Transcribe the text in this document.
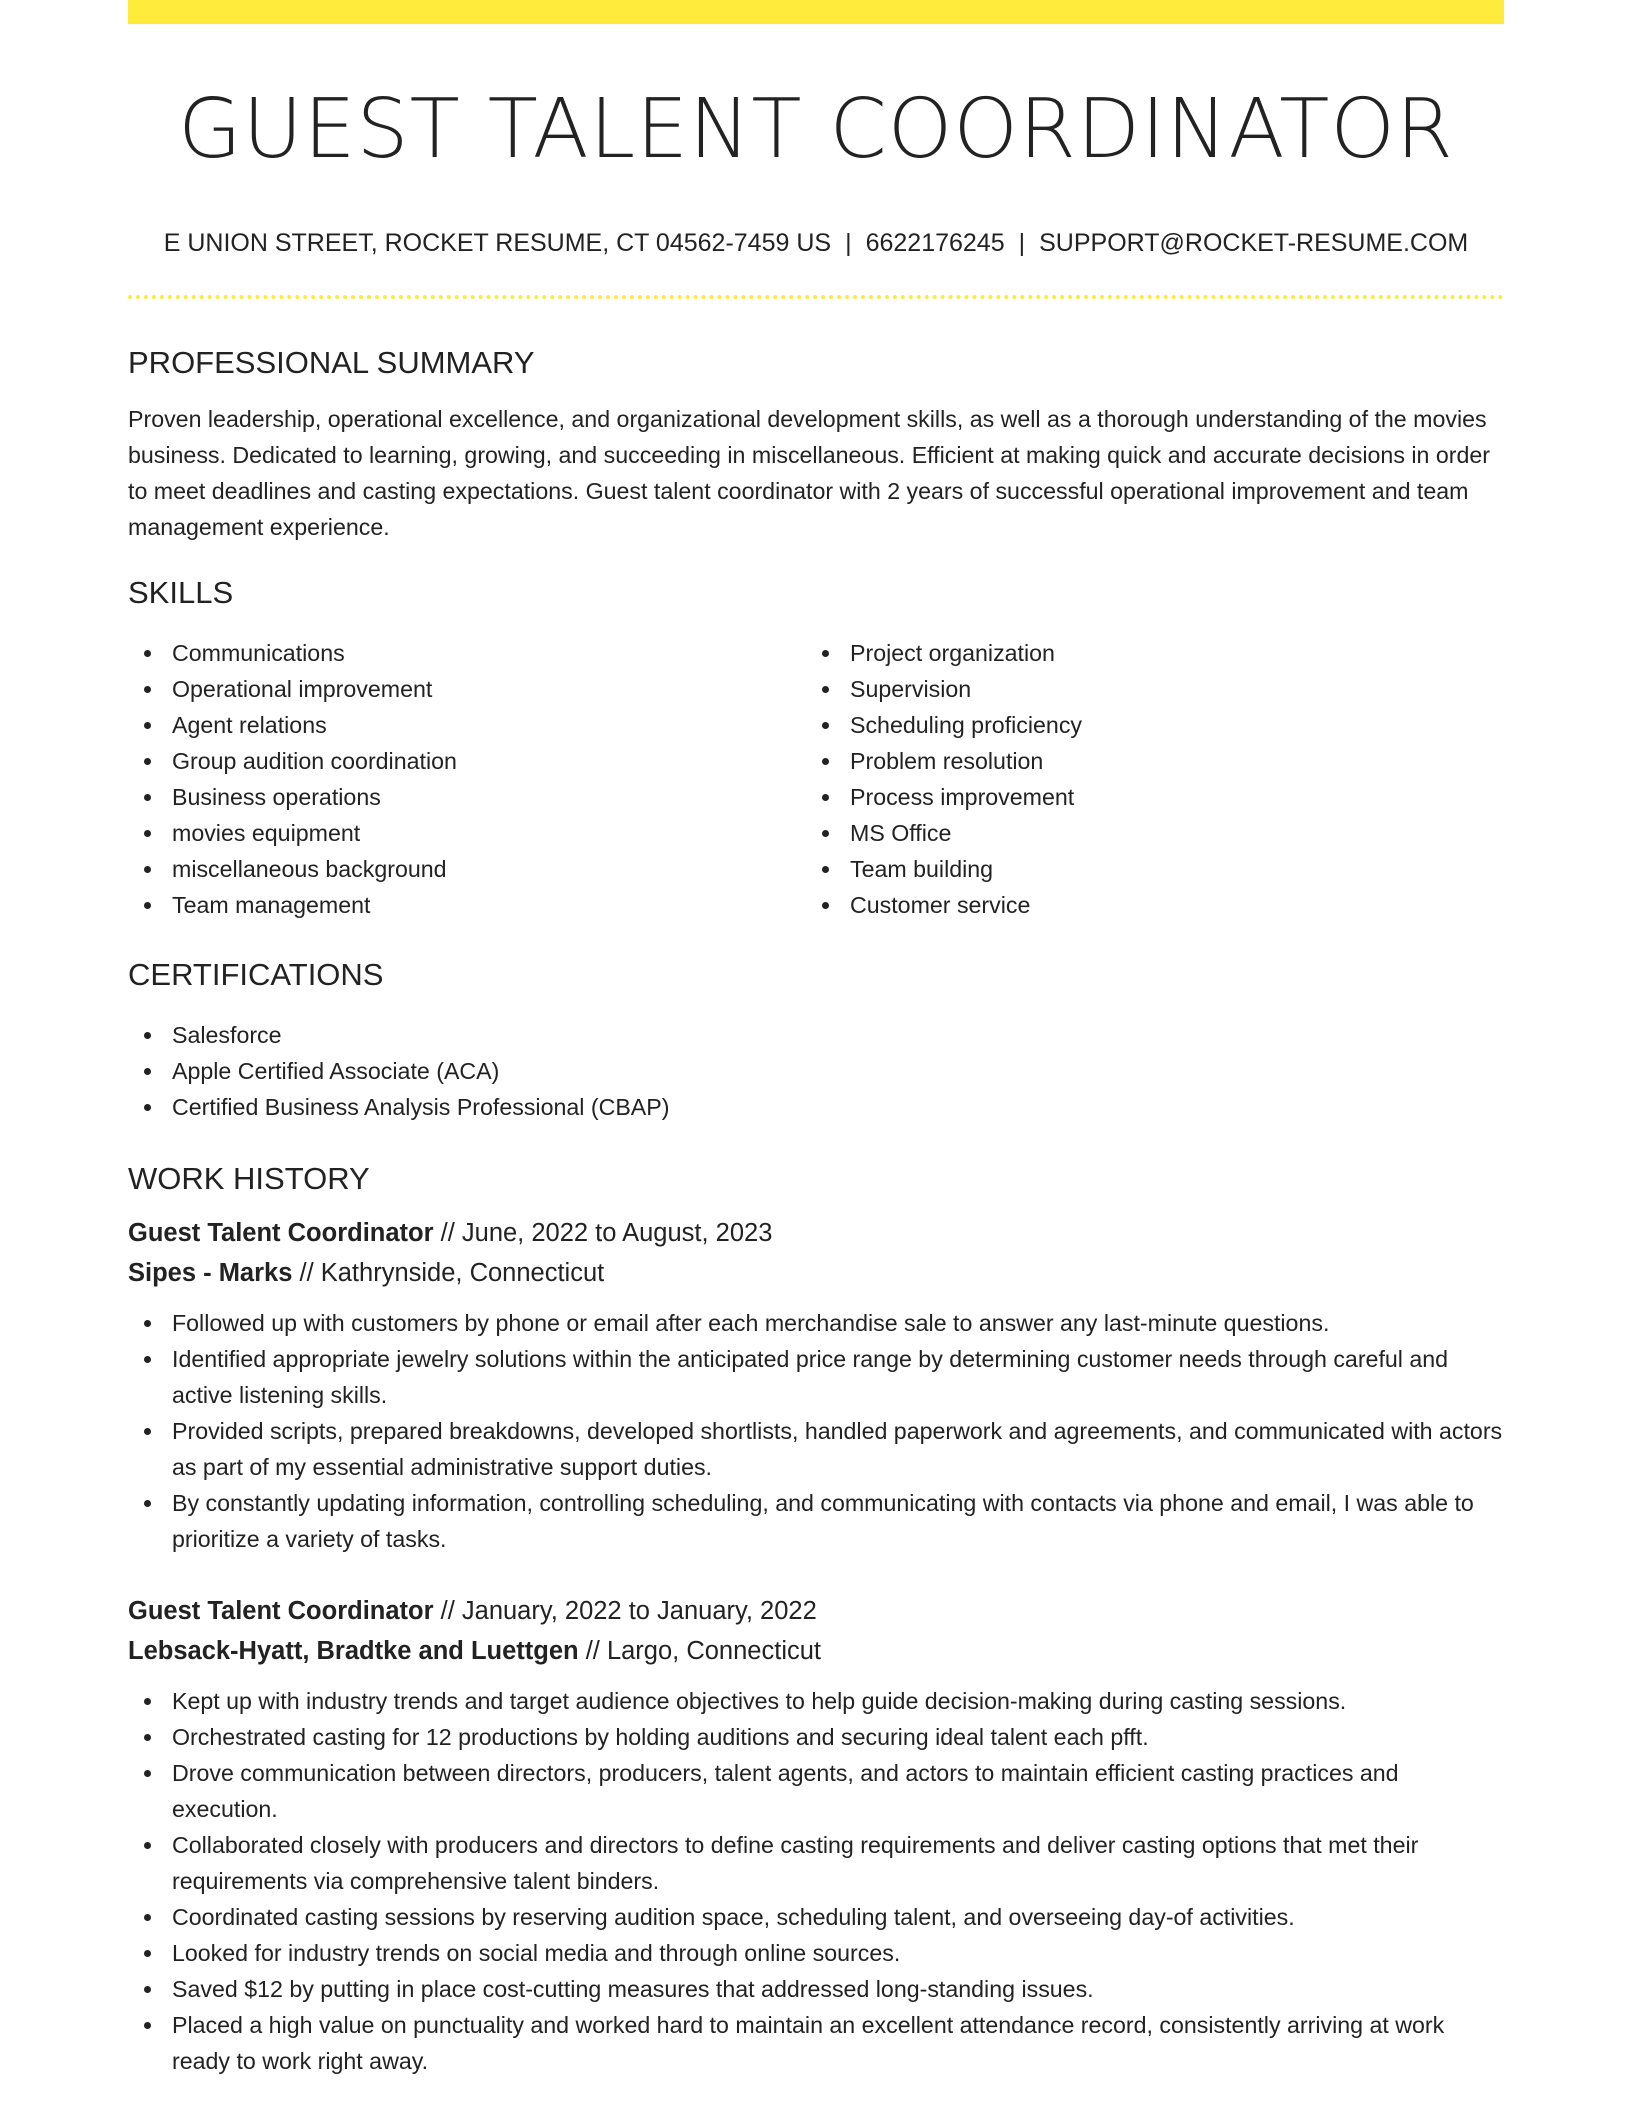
GUEST TALENT COORDINATOR
E UNION STREET, ROCKET RESUME, CT 04562-7459 US | 6622176245 | SUPPORT@ROCKET-RESUME.COM
PROFESSIONAL SUMMARY

Proven leadership, operational excellence, and organizational development skills, as well as a thorough understanding of the movies business. Dedicated to learning, growing, and succeeding in miscellaneous. Efficient at making quick and accurate decisions in order to meet deadlines and casting expectations. Guest talent coordinator with 2 years of successful operational improvement and team management experience.

SKILLS
Communications
Operational improvement
Agent relations
Group audition coordination
Business operations
movies equipment
miscellaneous background
Team management
Project organization
Supervision
Scheduling proficiency
Problem resolution
Process improvement
MS Office
Team building
Customer service
CERTIFICATIONS
Salesforce
Apple Certified Associate (ACA)
Certified Business Analysis Professional (CBAP)
WORK HISTORY
Guest Talent Coordinator // June, 2022 to August, 2023
Sipes - Marks // Kathrynside, Connecticut
Followed up with customers by phone or email after each merchandise sale to answer any last-minute questions.
Identified appropriate jewelry solutions within the anticipated price range by determining customer needs through careful and active listening skills.
Provided scripts, prepared breakdowns, developed shortlists, handled paperwork and agreements, and communicated with actors as part of my essential administrative support duties.
By constantly updating information, controlling scheduling, and communicating with contacts via phone and email, I was able to prioritize a variety of tasks.
Guest Talent Coordinator // January, 2022 to January, 2022
Lebsack-Hyatt, Bradtke and Luettgen // Largo, Connecticut
Kept up with industry trends and target audience objectives to help guide decision-making during casting sessions.
Orchestrated casting for 12 productions by holding auditions and securing ideal talent each pfft.
Drove communication between directors, producers, talent agents, and actors to maintain efficient casting practices and execution.
Collaborated closely with producers and directors to define casting requirements and deliver casting options that met their requirements via comprehensive talent binders.
Coordinated casting sessions by reserving audition space, scheduling talent, and overseeing day-of activities.
Looked for industry trends on social media and through online sources.
Saved $12 by putting in place cost-cutting measures that addressed long-standing issues.
Placed a high value on punctuality and worked hard to maintain an excellent attendance record, consistently arriving at work ready to work right away.
